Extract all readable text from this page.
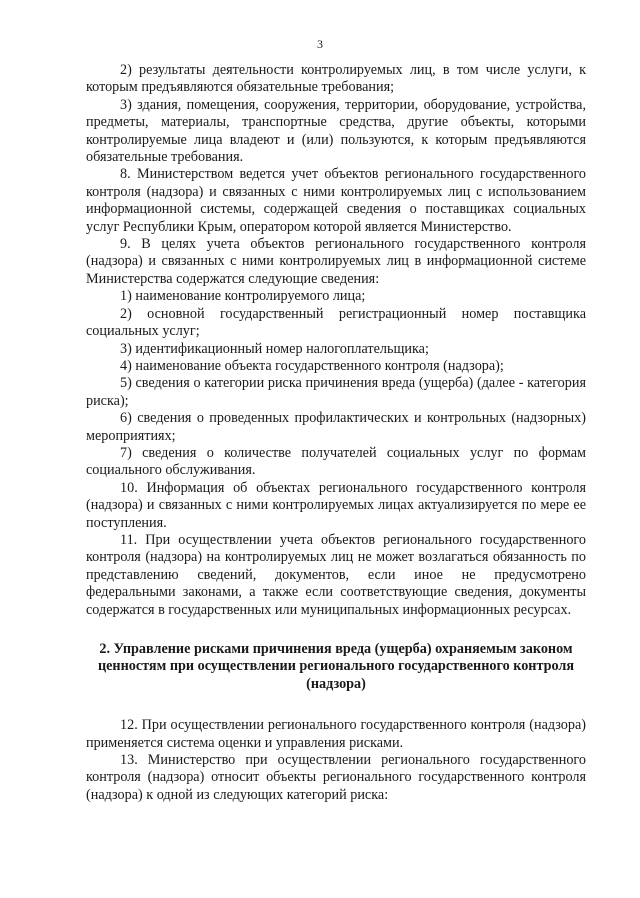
3

2) результаты деятельности контролируемых лиц, в том числе услуги, к которым предъявляются обязательные требования;

3) здания, помещения, сооружения, территории, оборудование, устройства, предметы, материалы, транспортные средства, другие объекты, которыми контролируемые лица владеют и (или) пользуются, к которым предъявляются обязательные требования.

8. Министерством ведется учет объектов регионального государственного контроля (надзора) и связанных с ними контролируемых лиц с использованием информационной системы, содержащей сведения о поставщиках социальных услуг Республики Крым, оператором которой является Министерство.

9. В целях учета объектов регионального государственного контроля (надзора) и связанных с ними контролируемых лиц в информационной системе Министерства содержатся следующие сведения:

1) наименование контролируемого лица;

2) основной государственный регистрационный номер поставщика социальных услуг;

3) идентификационный номер налогоплательщика;

4) наименование объекта государственного контроля (надзора);

5) сведения о категории риска причинения вреда (ущерба) (далее - категория риска);

6) сведения о проведенных профилактических и контрольных (надзорных) мероприятиях;

7) сведения о количестве получателей социальных услуг по формам социального обслуживания.

10. Информация об объектах регионального государственного контроля (надзора) и связанных с ними контролируемых лицах актуализируется по мере ее поступления.

11. При осуществлении учета объектов регионального государственного контроля (надзора) на контролируемых лиц не может возлагаться обязанность по представлению сведений, документов, если иное не предусмотрено федеральными законами, а также если соответствующие сведения, документы содержатся в государственных или муниципальных информационных ресурсах.

2. Управление рисками причинения вреда (ущерба) охраняемым законом ценностям при осуществлении регионального государственного контроля (надзора)

12. При осуществлении регионального государственного контроля (надзора) применяется система оценки и управления рисками.

13. Министерство при осуществлении регионального государственного контроля (надзора) относит объекты регионального государственного контроля (надзора) к одной из следующих категорий риска:
